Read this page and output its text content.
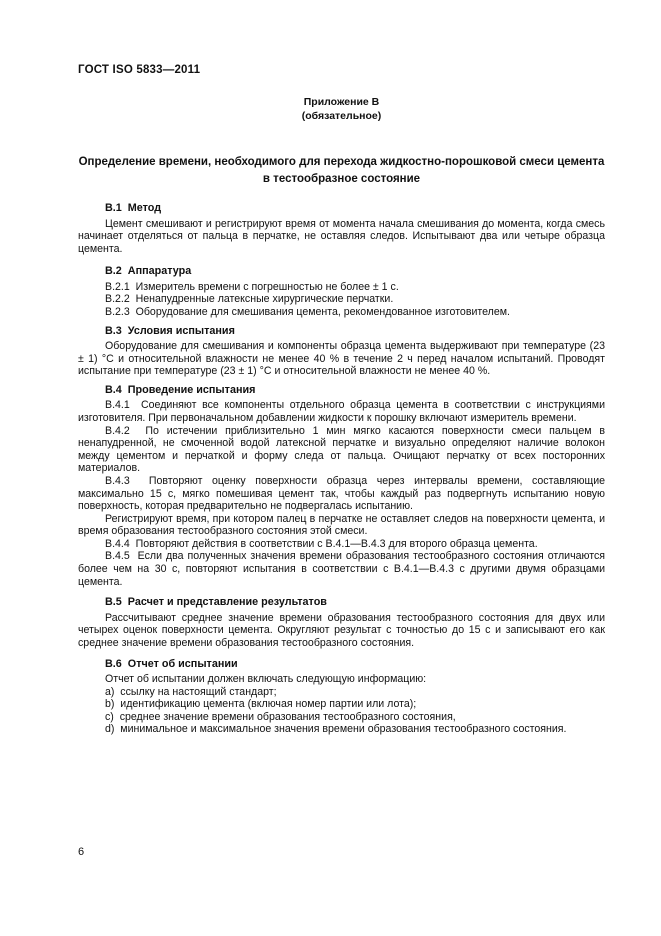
ГОСТ ISO 5833—2011
Приложение В
(обязательное)
Определение времени, необходимого для перехода жидкостно-порошковой смеси цемента
в тестообразное состояние
В.1  Метод
Цемент смешивают и регистрируют время от момента начала смешивания до момента, когда смесь начинает отделяться от пальца в перчатке, не оставляя следов. Испытывают два или четыре образца цемента.
В.2  Аппаратура
В.2.1  Измеритель времени с погрешностью не более ± 1 с.
В.2.2  Ненапудренные латексные хирургические перчатки.
В.2.3  Оборудование для смешивания цемента, рекомендованное изготовителем.
В.3  Условия испытания
Оборудование для смешивания и компоненты образца цемента выдерживают при температуре (23 ± 1) °С и относительной влажности не менее 40 % в течение 2 ч перед началом испытаний. Проводят испытание при температуре (23 ± 1) °С и относительной влажности не менее 40 %.
В.4  Проведение испытания
В.4.1  Соединяют все компоненты отдельного образца цемента в соответствии с инструкциями изготовителя. При первоначальном добавлении жидкости к порошку включают измеритель времени.
В.4.2  По истечении приблизительно 1 мин мягко касаются поверхности смеси пальцем в ненапудренной, не смоченной водой латексной перчатке и визуально определяют наличие волокон между цементом и перчаткой и форму следа от пальца. Очищают перчатку от всех посторонних материалов.
В.4.3  Повторяют оценку поверхности образца через интервалы времени, составляющие максимально 15 с, мягко помешивая цемент так, чтобы каждый раз подвергнуть испытанию новую поверхность, которая предварительно не подвергалась испытанию.
Регистрируют время, при котором палец в перчатке не оставляет следов на поверхности цемента, и время образования тестообразного состояния этой смеси.
В.4.4  Повторяют действия в соответствии с В.4.1—В.4.3 для второго образца цемента.
В.4.5  Если два полученных значения времени образования тестообразного состояния отличаются более чем на 30 с, повторяют испытания в соответствии с В.4.1—В.4.3 с другими двумя образцами цемента.
В.5  Расчет и представление результатов
Рассчитывают среднее значение времени образования тестообразного состояния для двух или четырех оценок поверхности цемента. Округляют результат с точностью до 15 с и записывают его как среднее значение времени образования тестообразного состояния.
В.6  Отчет об испытании
Отчет об испытании должен включать следующую информацию:
a)  ссылку на настоящий стандарт;
b)  идентификацию цемента (включая номер партии или лота);
c)  среднее значение времени образования тестообразного состояния,
d)  минимальное и максимальное значения времени образования тестообразного состояния.
6
